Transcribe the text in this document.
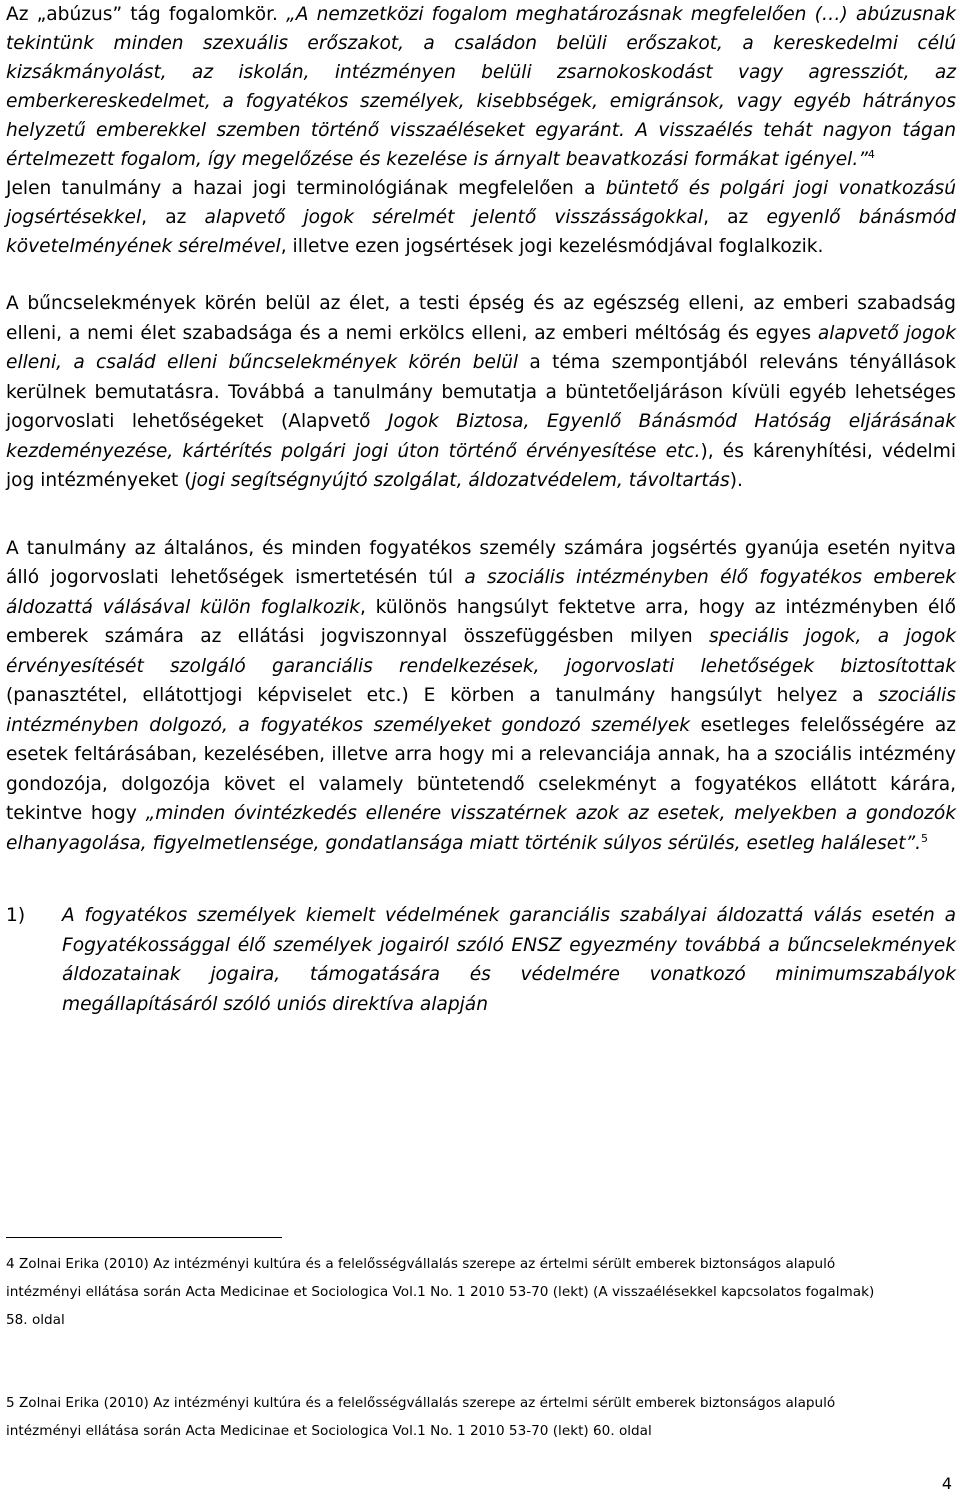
Az „abúzus” tág fogalomkör. „A nemzetközi fogalom meghatározásnak megfelelően (…) abúzusnak tekintünk minden szexuális erőszakot, a családon belüli erőszakot, a kereskedelmi célú kizsákmányolást, az iskolán, intézményen belüli zsarnokoskodást vagy agressziót, az emberkereskedelmet, a fogyatékos személyek, kisebbségek, emigránsok, vagy egyéb hátrányos helyzetű emberekkel szemben történő visszaéléseket egyaránt. A visszaélés tehát nagyon tágan értelmezett fogalom, így megelőzése és kezelése is árnyalt beavatkozási formákat igényel.”$^4$
Jelen tanulmány a hazai jogi terminológiának megfelelően a büntető és polgári jogi vonatkozású jogsértésekkel, az alapvető jogok sérelmét jelentő visszásságokkal, az egyenlő bánásmód követelményének sérelmével, illetve ezen jogsértések jogi kezelésmódjával foglalkozik.

A bűncselekmények körén belül az élet, a testi épség és az egészség elleni, az emberi szabadság elleni, a nemi élet szabadsága és a nemi erkölcs elleni, az emberi méltóság és egyes alapvető jogok elleni, a család elleni bűncselekmények körén belül a téma szempontjából releváns tényállások kerülnek bemutatásra. Továbbá a tanulmány bemutatja a büntetőeljáráson kívüli egyéb lehetséges jogorvoslati lehetőségeket (Alapvető Jogok Biztosa, Egyenlő Bánásmód Hatóság eljárásának kezdeményezése, kártérítés polgári jogi úton történő érvényesítése etc.), és kárenyhítési, védelmi jog intézményeket (jogi segítségnyújtó szolgálat, áldozatvédelem, távoltartás).

A tanulmány az általános, és minden fogyatékos személy számára jogsértés gyanúja esetén nyitva álló jogorvoslati lehetőségek ismertetésén túl a szociális intézményben élő fogyatékos emberek áldozattá válásával külön foglalkozik, különös hangsúlyt fektetve arra, hogy az intézményben élő emberek számára az ellátási jogviszonnyal összefüggésben milyen speciális jogok, a jogok érvényesítését szolgáló garanciális rendelkezések, jogorvoslati lehetőségek biztosítottak (panasztétel, ellátottjogi képviselet etc.) E körben a tanulmány hangsúlyt helyez a szociális intézményben dolgozó, a fogyatékos személyeket gondozó személyek esetleges felelősségére az esetek feltárásában, kezelésében, illetve arra hogy mi a relevanciája annak, ha a szociális intézmény gondozója, dolgozója követ el valamely büntetendő cselekményt a fogyatékos ellátott kárára, tekintve hogy „minden óvintézkedés ellenére visszatérnek azok az esetek, melyekben a gondozók elhanyagolása, figyelmetlensége, gondatlansága miatt történik súlyos sérülés, esetleg haláleset”.$^5$

1) A fogyatékos személyek kiemelt védelmének garanciális szabályai áldozattá válás esetén a Fogyatékossággal élő személyek jogairól szóló ENSZ egyezmény továbbá a bűncselekmények áldozatainak jogaira, támogatására és védelmére vonatkozó minimumszabályok megállapításáról szóló uniós direktíva alapján

4 Zolnai Erika (2010) Az intézményi kultúra és a felelősségvállalás szerepe az értelmi sérült emberek biztonságos alapuló
intézményi ellátása során Acta Medicinae et Sociologica Vol.1 No. 1 2010 53-70 (lekt) (A visszaélésekkel kapcsolatos fogalmak)
58. oldal
5 Zolnai Erika (2010) Az intézményi kultúra és a felelősségvállalás szerepe az értelmi sérült emberek biztonságos alapuló
intézményi ellátása során Acta Medicinae et Sociologica Vol.1 No. 1 2010 53-70 (lekt) 60. oldal
4
